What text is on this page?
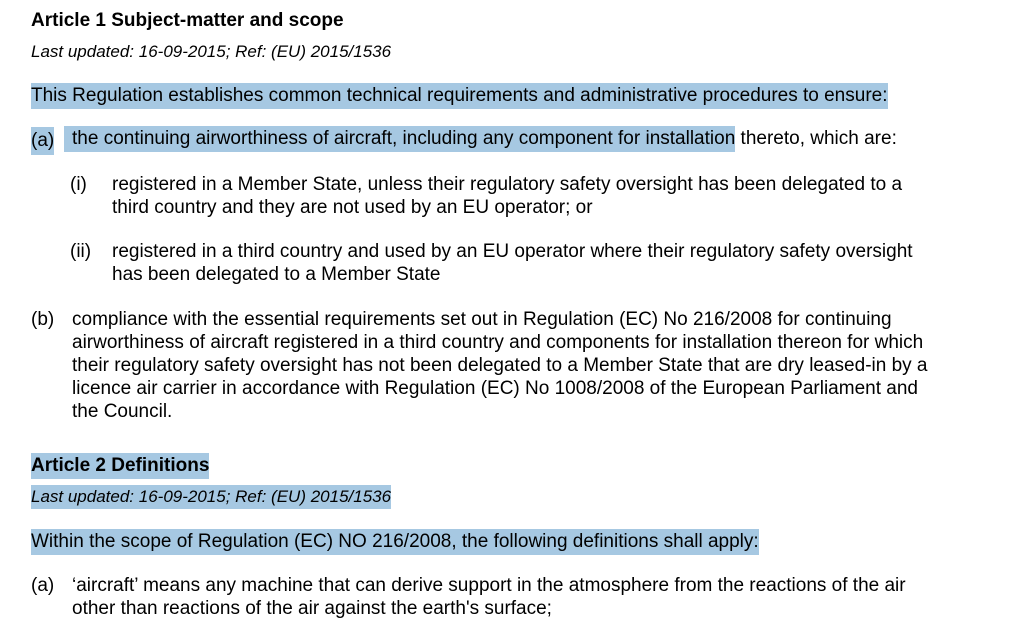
Article 1 Subject-matter and scope
Last updated: 16-09-2015; Ref: (EU) 2015/1536
This Regulation establishes common technical requirements and administrative procedures to ensure:
(a) the continuing airworthiness of aircraft, including any component for installation thereto, which are:
(i) registered in a Member State, unless their regulatory safety oversight has been delegated to a
third country and they are not used by an EU operator; or
(ii) registered in a third country and used by an EU operator where their regulatory safety oversight
has been delegated to a Member State
(b) compliance with the essential requirements set out in Regulation (EC) No 216/2008 for continuing
airworthiness of aircraft registered in a third country and components for installation thereon for which
their regulatory safety oversight has not been delegated to a Member State that are dry leased-in by a
licence air carrier in accordance with Regulation (EC) No 1008/2008 of the European Parliament and
the Council.
Article 2 Definitions
Last updated: 16-09-2015; Ref: (EU) 2015/1536
Within the scope of Regulation (EC) NO 216/2008, the following definitions shall apply:
(a) ‘aircraft’ means any machine that can derive support in the atmosphere from the reactions of the air
other than reactions of the air against the earth's surface;
